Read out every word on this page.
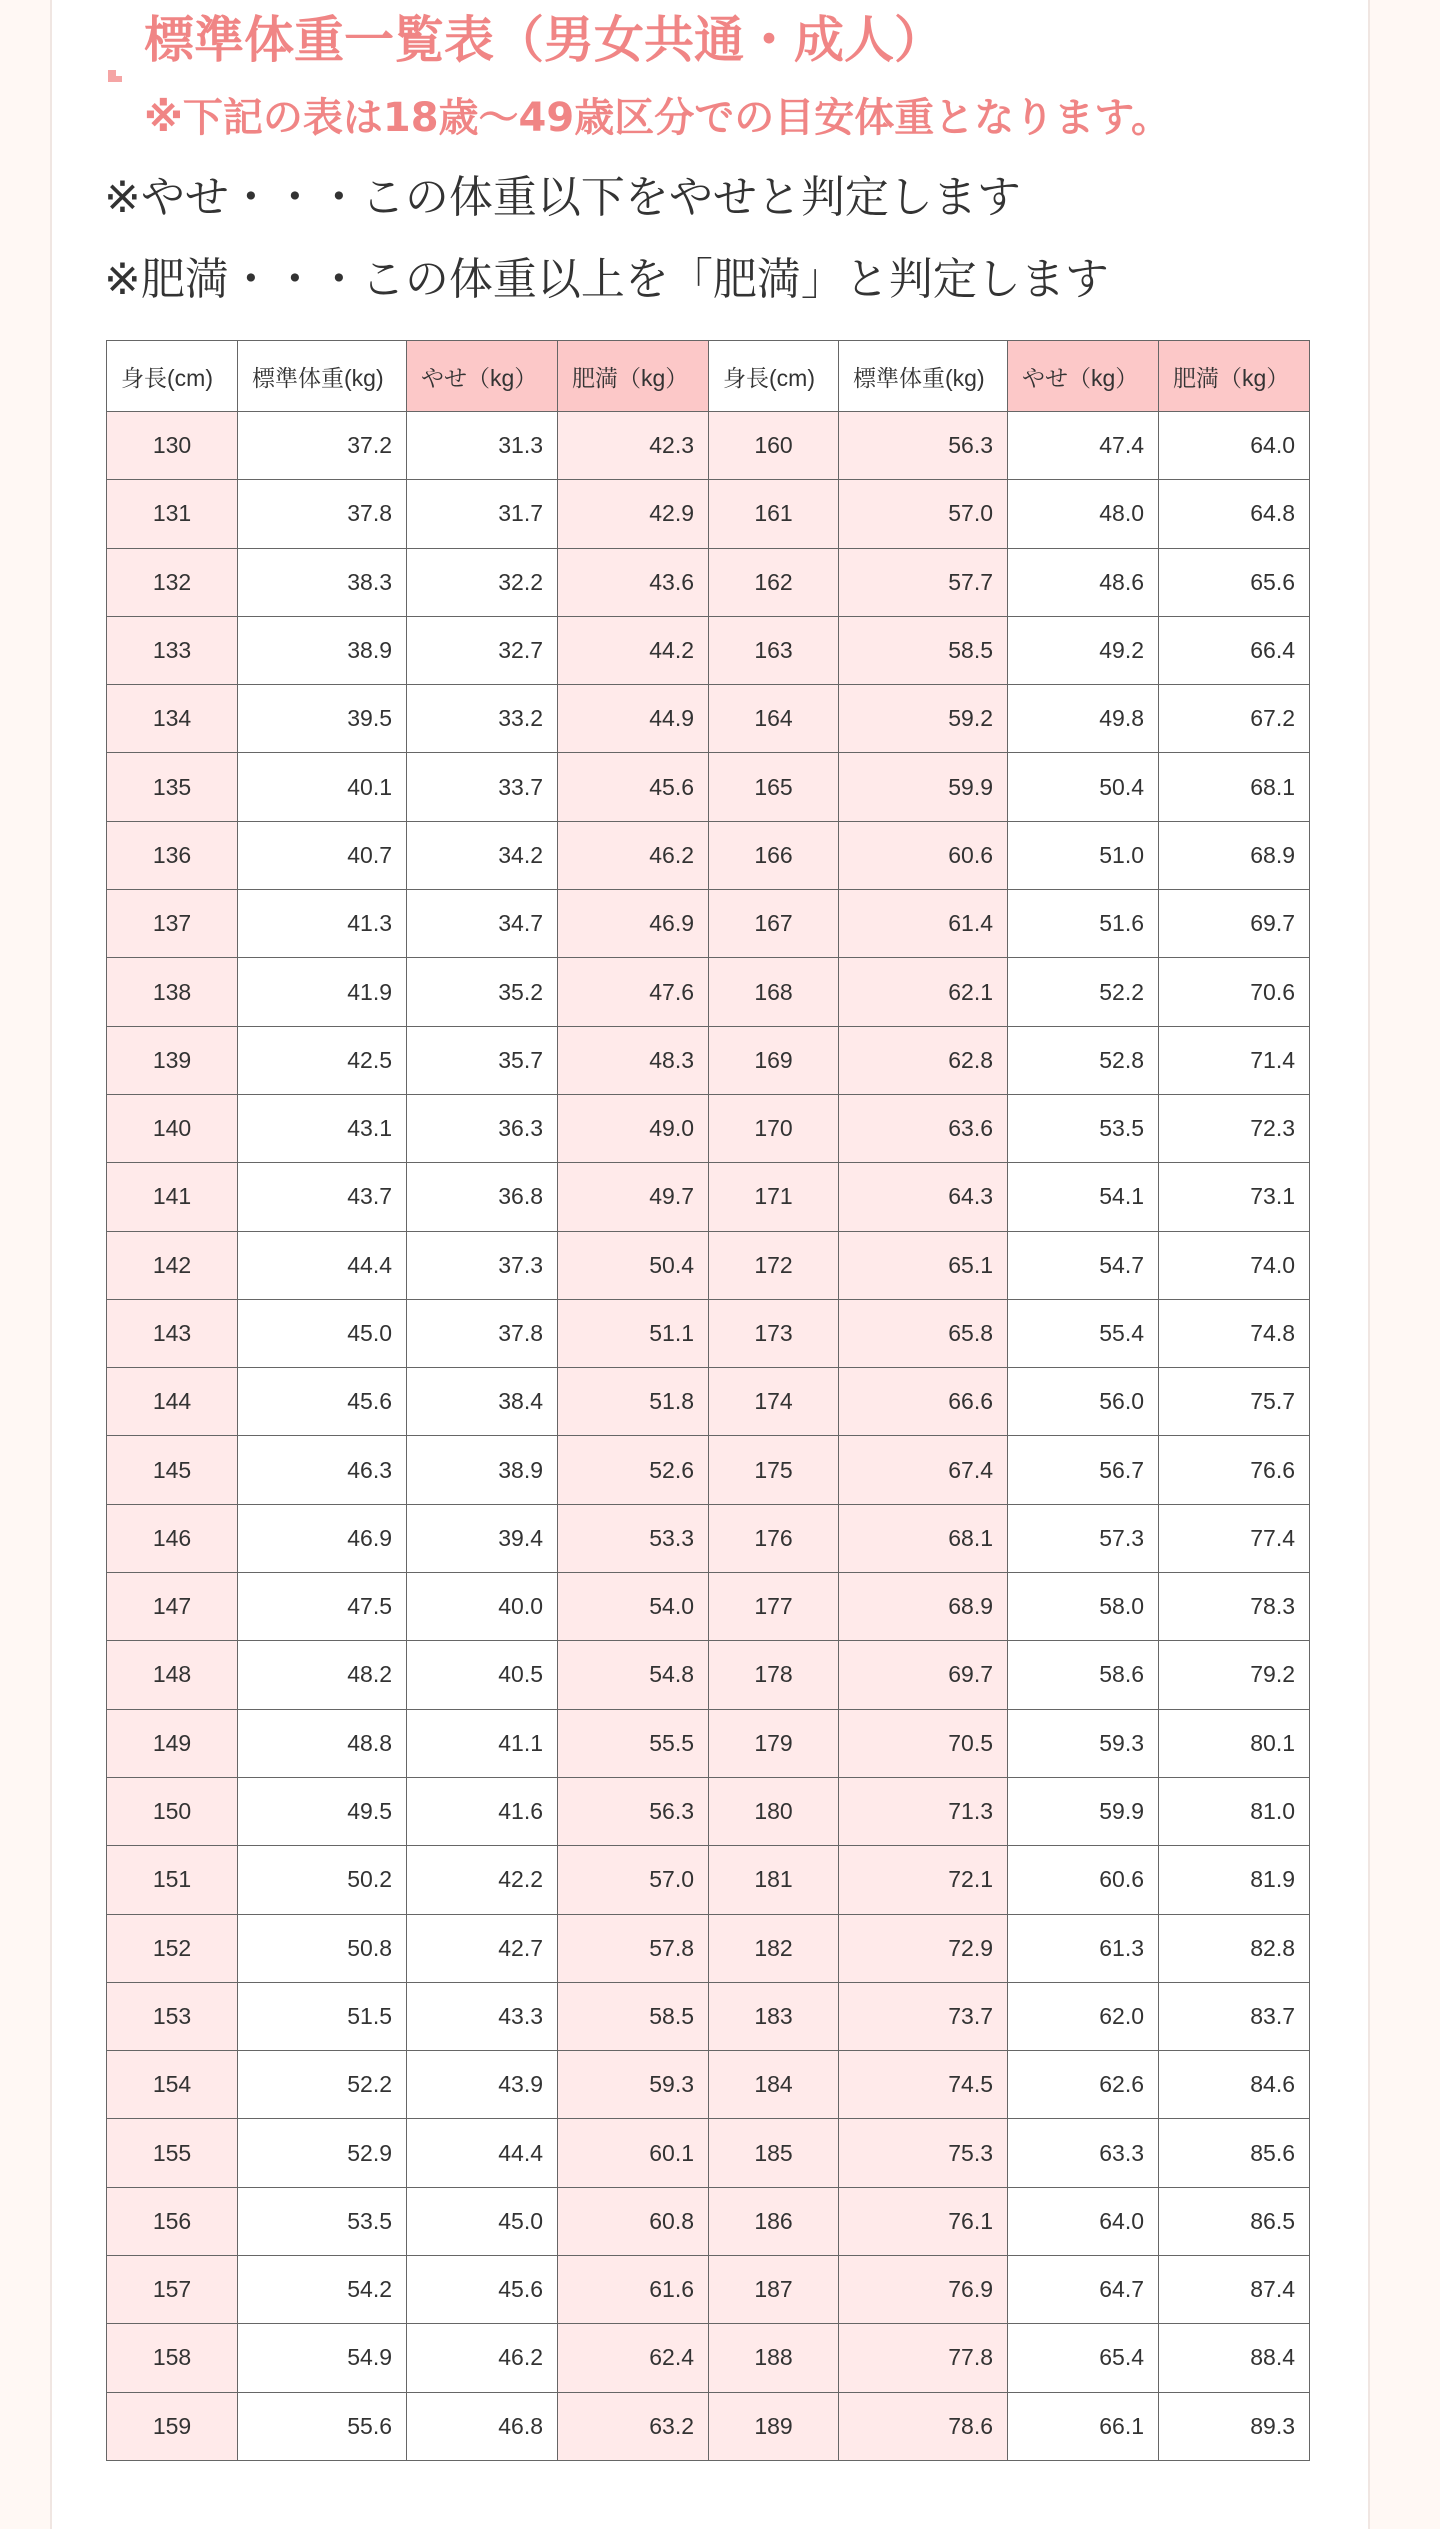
標準体重一覧表（男女共通・成人）
※下記の表は18歳～49歳区分での目安体重となります。
※やせ・・・この体重以下をやせと判定します
※肥満・・・この体重以上を「肥満」と判定します
身長(cm)	標準体重(kg)	やせ（kg）	肥満（kg）	身長(cm)	標準体重(kg)	やせ（kg）	肥満（kg）
130	37.2	31.3	42.3	160	56.3	47.4	64.0
131	37.8	31.7	42.9	161	57.0	48.0	64.8
132	38.3	32.2	43.6	162	57.7	48.6	65.6
133	38.9	32.7	44.2	163	58.5	49.2	66.4
134	39.5	33.2	44.9	164	59.2	49.8	67.2
135	40.1	33.7	45.6	165	59.9	50.4	68.1
136	40.7	34.2	46.2	166	60.6	51.0	68.9
137	41.3	34.7	46.9	167	61.4	51.6	69.7
138	41.9	35.2	47.6	168	62.1	52.2	70.6
139	42.5	35.7	48.3	169	62.8	52.8	71.4
140	43.1	36.3	49.0	170	63.6	53.5	72.3
141	43.7	36.8	49.7	171	64.3	54.1	73.1
142	44.4	37.3	50.4	172	65.1	54.7	74.0
143	45.0	37.8	51.1	173	65.8	55.4	74.8
144	45.6	38.4	51.8	174	66.6	56.0	75.7
145	46.3	38.9	52.6	175	67.4	56.7	76.6
146	46.9	39.4	53.3	176	68.1	57.3	77.4
147	47.5	40.0	54.0	177	68.9	58.0	78.3
148	48.2	40.5	54.8	178	69.7	58.6	79.2
149	48.8	41.1	55.5	179	70.5	59.3	80.1
150	49.5	41.6	56.3	180	71.3	59.9	81.0
151	50.2	42.2	57.0	181	72.1	60.6	81.9
152	50.8	42.7	57.8	182	72.9	61.3	82.8
153	51.5	43.3	58.5	183	73.7	62.0	83.7
154	52.2	43.9	59.3	184	74.5	62.6	84.6
155	52.9	44.4	60.1	185	75.3	63.3	85.6
156	53.5	45.0	60.8	186	76.1	64.0	86.5
157	54.2	45.6	61.6	187	76.9	64.7	87.4
158	54.9	46.2	62.4	188	77.8	65.4	88.4
159	55.6	46.8	63.2	189	78.6	66.1	89.3
